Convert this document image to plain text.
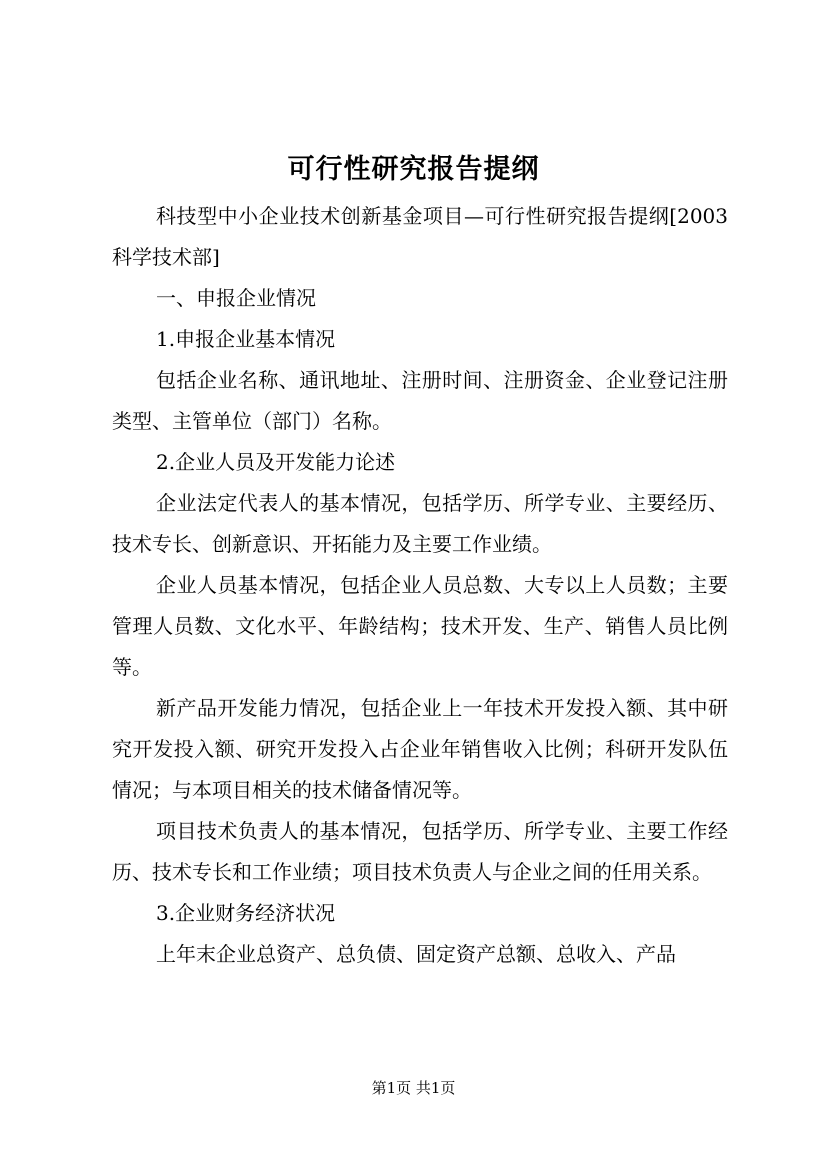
可行性研究报告提纲

科技型中小企业技术创新基金项目—可行性研究报告提纲[2003科学技术部]

一、申报企业情况

1.申报企业基本情况

包括企业名称、通讯地址、注册时间、注册资金、企业登记注册类型、主管单位（部门）名称。

2.企业人员及开发能力论述

企业法定代表人的基本情况，包括学历、所学专业、主要经历、技术专长、创新意识、开拓能力及主要工作业绩。

企业人员基本情况，包括企业人员总数、大专以上人员数；主要管理人员数、文化水平、年龄结构；技术开发、生产、销售人员比例等。

新产品开发能力情况，包括企业上一年技术开发投入额、其中研究开发投入额、研究开发投入占企业年销售收入比例；科研开发队伍情况；与本项目相关的技术储备情况等。

项目技术负责人的基本情况，包括学历、所学专业、主要工作经历、技术专长和工作业绩；项目技术负责人与企业之间的任用关系。

3.企业财务经济状况

上年末企业总资产、总负债、固定资产总额、总收入、产品

第1页 共1页
